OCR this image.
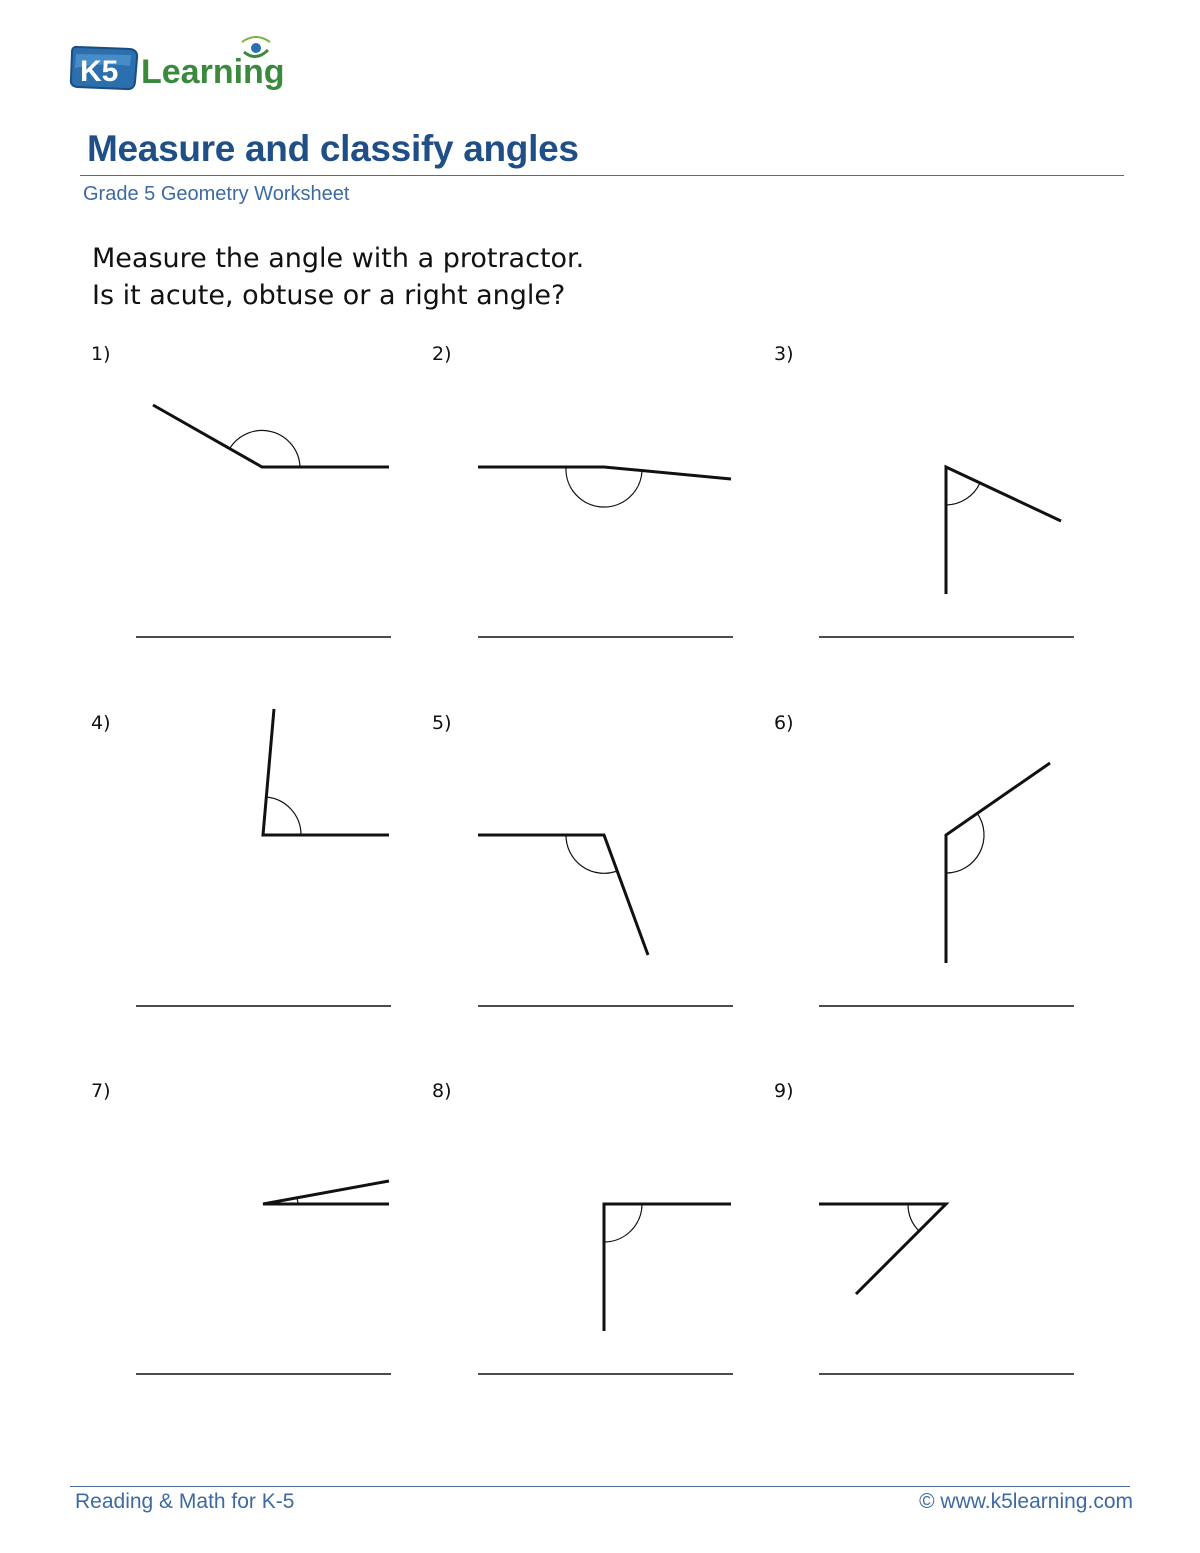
K5 Learning
Measure and classify angles
Grade 5 Geometry Worksheet
Measure the angle with a protractor.
Is it acute, obtuse or a right angle?
1)	2)	3)
4)	5)	6)
7)	8)	9)
Reading & Math for K-5	© www.k5learning.com
